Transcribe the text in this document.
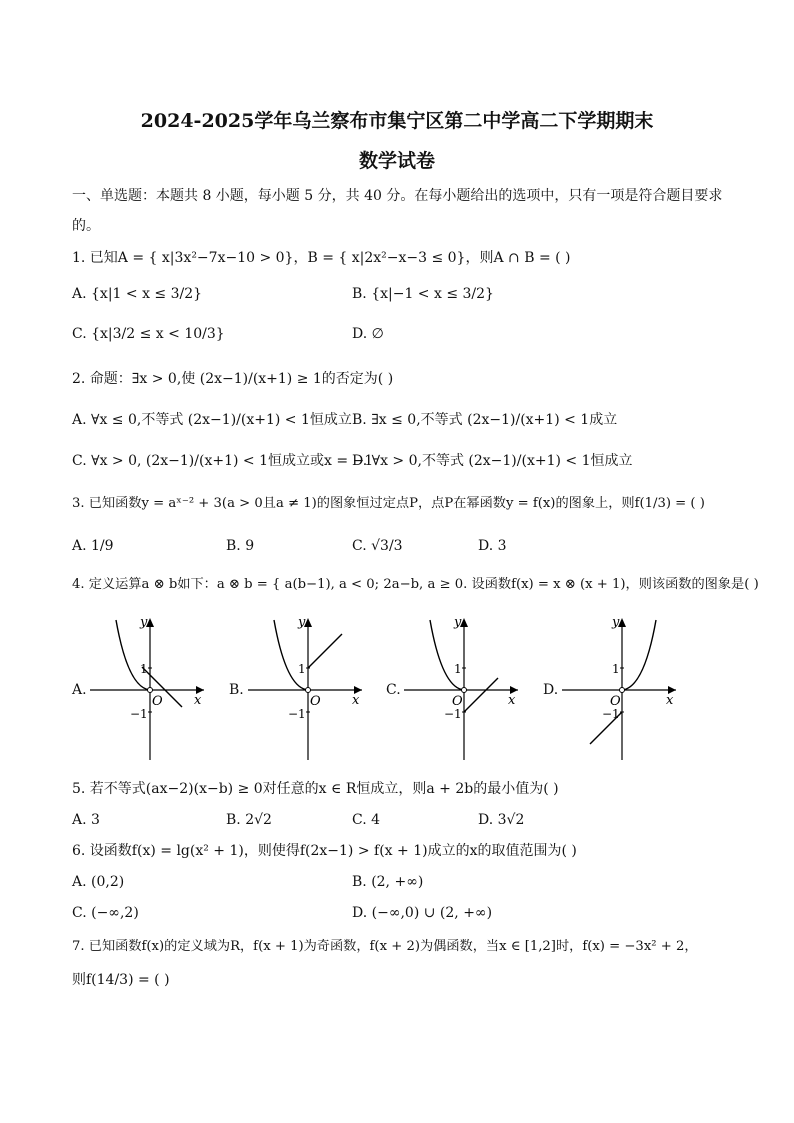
2024-2025学年乌兰察布市集宁区第二中学高二下学期期末
数学试卷
一、单选题：本题共 8 小题，每小题 5 分，共 40 分。在每小题给出的选项中，只有一项是符合题目要求
的。
1. 已知A = { x|3x²−7x−10 > 0}，B = { x|2x²−x−3 ≤ 0}，则A ∩ B = ( )
A. {x|1 < x ≤ 3/2}	B. {x|−1 < x ≤ 3/2}
C. {x|3/2 ≤ x < 10/3}	D. ∅
2. 命题：∃x > 0,使 (2x−1)/(x+1) ≥ 1的否定为( )
A. ∀x ≤ 0,不等式 (2x−1)/(x+1) < 1恒成立 B. ∃x ≤ 0,不等式 (2x−1)/(x+1) < 1成立
C. ∀x > 0, (2x−1)/(x+1) < 1恒成立或x = −1
D. ∀x > 0,不等式 (2x−1)/(x+1) < 1恒成立
3. 已知函数y = aˣ⁻² + 3(a > 0且a ≠ 1)的图象恒过定点P，点P在幂函数y = f(x)的图象上，则f(1/3) = ( )
A. 1/9	B. 9	C. √3/3	D. 3
4. 定义运算a ⊗ b如下：a ⊗ b = { a(b−1), a < 0; 2a−b, a ≥ 0. 设函数f(x) = x ⊗ (x + 1)，则该函数的图象是( )
A.	B.	C.	D.
y
x
O
1
−1
y
x
O
1
−1
y
x
O
1
−1
y
x
O
1
−1
5. 若不等式(ax−2)(x−b) ≥ 0对任意的x ∈ R恒成立，则a + 2b的最小值为( )
A. 3	B. 2√2	C. 4	D. 3√2
6. 设函数f(x) = lg(x² + 1)，则使得f(2x−1) > f(x + 1)成立的x的取值范围为( )
A. (0,2)	B. (2, +∞)
C. (−∞,2)	D. (−∞,0) ∪ (2, +∞)
7. 已知函数f(x)的定义域为R，f(x + 1)为奇函数，f(x + 2)为偶函数，当x ∈ [1,2]时，f(x) = −3x² + 2，
则f(14/3) = ( )
